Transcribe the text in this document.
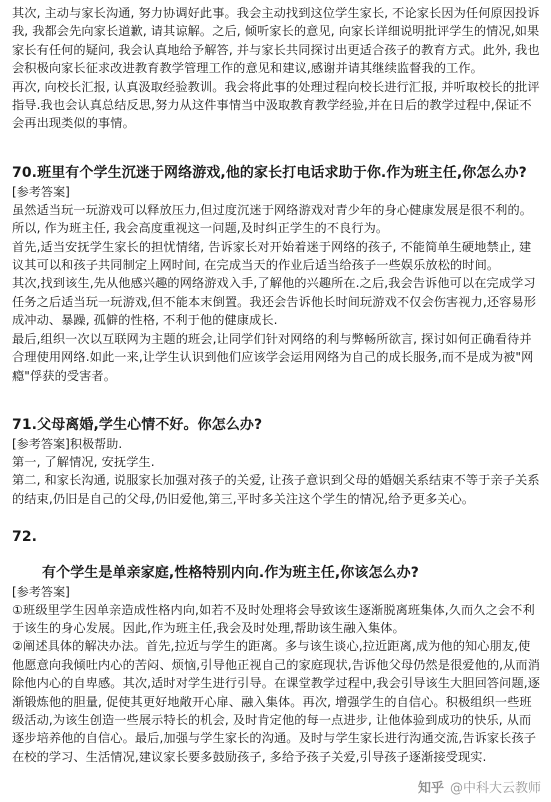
其次, 主动与家长沟通, 努力协调好此事。我会主动找到这位学生家长, 不论家长因为任何原因投诉我, 我都会先向家长道歉, 请其谅解。之后, 倾听家长的意见, 向家长详细说明批评学生的情况,如果家长有任何的疑问, 我会认真地给予解答, 并与家长共同探讨出更适合孩子的教育方式。此外, 我也会积极向家长征求改进教育教学管理工作的意见和建议,感谢并请其继续监督我的工作。

再次, 向校长汇报, 认真汲取经验教训。我会将此事的处理过程向校长进行汇报, 并听取校长的批评指导.我也会认真总结反思,努力从这件事情当中汲取教育教学经验,并在日后的教学过程中,保证不会再出现类似的事情。

70.班里有个学生沉迷于网络游戏,他的家长打电话求助于你.作为班主任,你怎么办?

[参考答案]

虽然适当玩一玩游戏可以释放压力,但过度沉迷于网络游戏对青少年的身心健康发展是很不利的。所以, 作为班主任, 我会高度重视这一问题,及时纠正学生的不良行为。

首先,适当安抚学生家长的担忧情绪, 告诉家长对开始着迷于网络的孩子, 不能简单生硬地禁止, 建议其可以和孩子共同制定上网时间, 在完成当天的作业后适当给孩子一些娱乐放松的时间。

其次,找到该生,先从他感兴趣的网络游戏入手,了解他的兴趣所在.之后,我会告诉他可以在完成学习任务之后适当玩一玩游戏,但不能本末倒置。我还会告诉他长时间玩游戏不仅会伤害视力,还容易形成冲动、暴躁, 孤僻的性格, 不利于他的健康成长.

最后,组织一次以互联网为主题的班会,让同学们针对网络的利与弊畅所欲言, 探讨如何正确看待并合理使用网络.如此一来,让学生认识到他们应该学会运用网络为自己的成长服务,而不是成为被"网瘾"俘获的受害者。

71.父母离婚,学生心情不好。你怎么办?

[参考答案]积极帮助.

第一, 了解情况, 安抚学生.

第二, 和家长沟通, 说服家长加强对孩子的关爱, 让孩子意识到父母的婚姻关系结束不等于亲子关系的结束,仍旧是自己的父母,仍旧爱他,第三,平时多关注这个学生的情况,给予更多关心。

72.

有个学生是单亲家庭,性格特别内向.作为班主任,你该怎么办?

[参考答案]

①班级里学生因单亲造成性格内向,如若不及时处理将会导致该生逐渐脱离班集体,久而久之会不利于该生的身心发展。因此,作为班主任,我会及时处理,帮助该生融入集体。

②阐述具体的解决办法。首先,拉近与学生的距离。多与该生谈心,拉近距离,成为他的知心朋友,使他愿意向我倾吐内心的苦闷、烦恼,引导他正视自己的家庭现状,告诉他父母仍然是很爱他的,从而消除他内心的自卑感。其次,适时对学生进行引导。在课堂教学过程中,我会引导该生大胆回答问题,逐渐锻炼他的胆量, 促使其更好地敞开心扉、融入集体。再次, 增强学生的自信心。积极组织一些班级活动,为该生创造一些展示特长的机会, 及时肯定他的每一点进步, 让他体验到成功的快乐, 从而逐步培养他的自信心。最后,加强与学生家长的沟通。及时与学生家长进行沟通交流,告诉家长孩子在校的学习、生活情况,建议家长要多鼓励孩子, 多给予孩子关爱,引导孩子逐渐接受现实.

知乎 @中科大云教师
